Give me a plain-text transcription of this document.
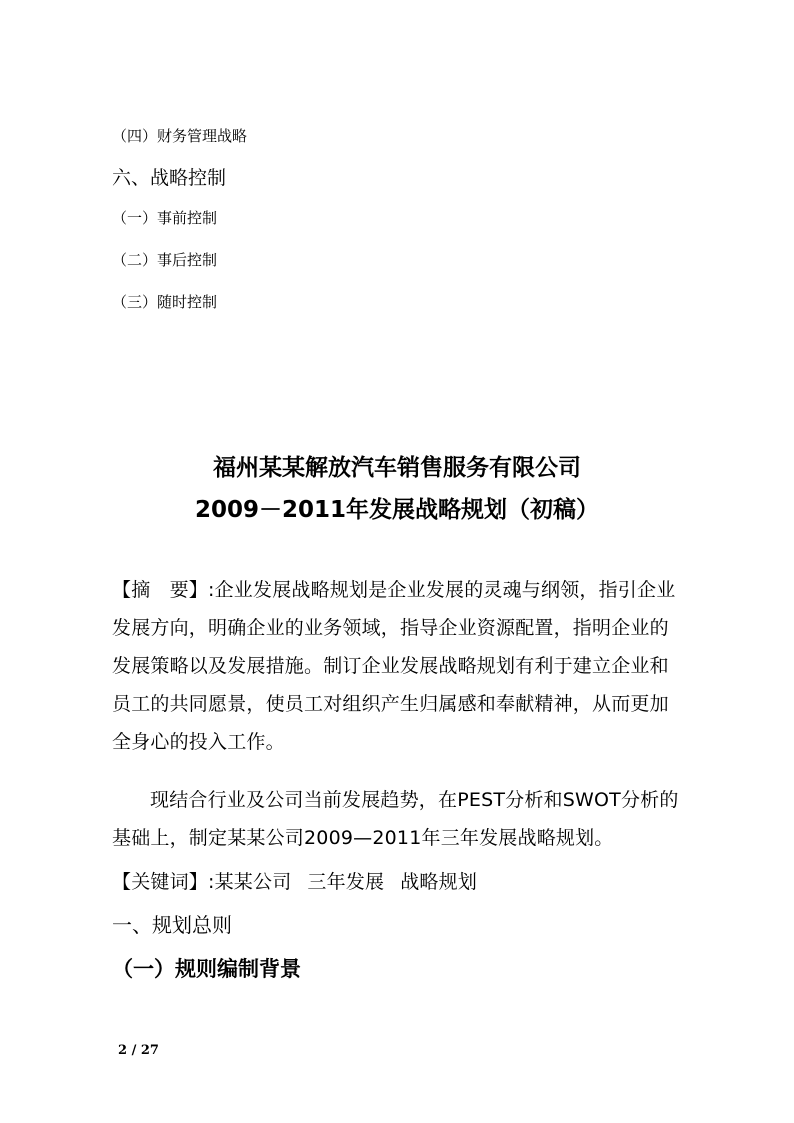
（四）财务管理战略
六、战略控制
（一）事前控制
（二）事后控制
（三）随时控制
福州某某解放汽车销售服务有限公司
2009－2011年发展战略规划（初稿）
【摘　要】:企业发展战略规划是企业发展的灵魂与纲领，指引企业发展方向，明确企业的业务领域，指导企业资源配置，指明企业的发展策略以及发展措施。制订企业发展战略规划有利于建立企业和员工的共同愿景，使员工对组织产生归属感和奉献精神，从而更加全身心的投入工作。
现结合行业及公司当前发展趋势，在PEST分析和SWOT分析的基础上，制定某某公司2009—2011年三年发展战略规划。
【关键词】:某某公司 三年发展 战略规划
一、规划总则
（一）规则编制背景
2 / 27
